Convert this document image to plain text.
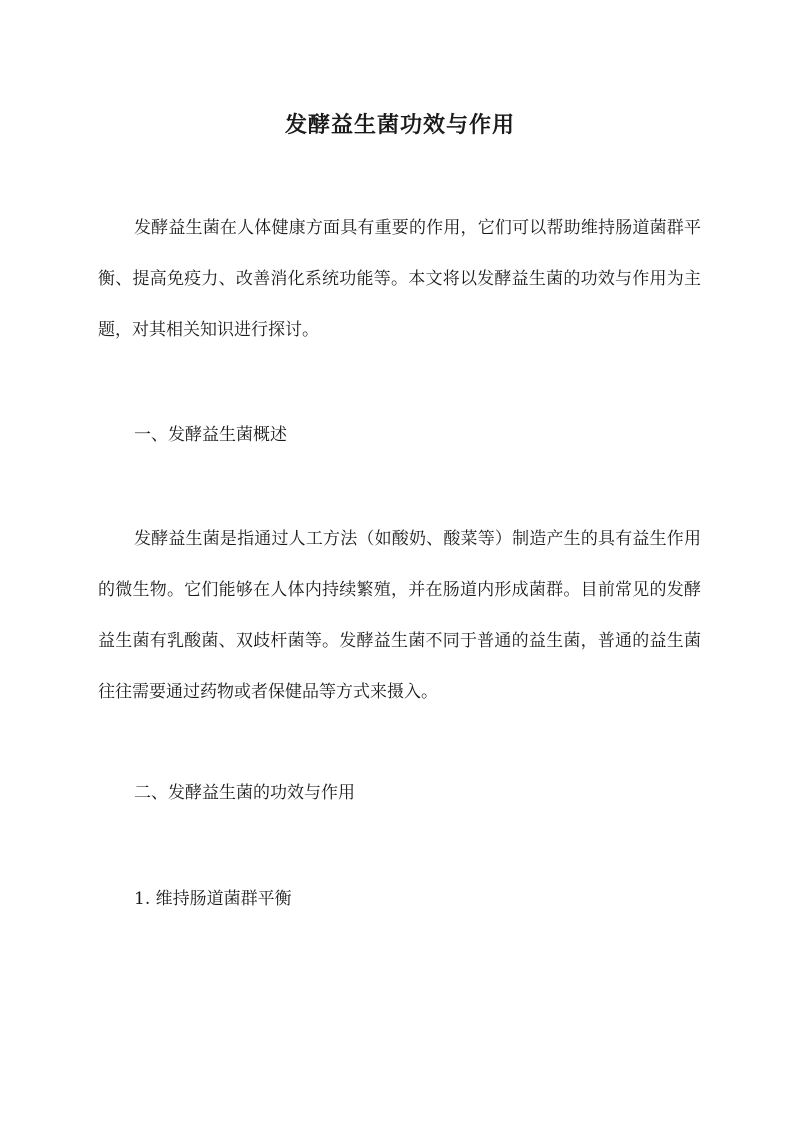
发酵益生菌功效与作用

发酵益生菌在人体健康方面具有重要的作用，它们可以帮助维持肠道菌群平衡、提高免疫力、改善消化系统功能等。本文将以发酵益生菌的功效与作用为主题，对其相关知识进行探讨。

一、发酵益生菌概述

发酵益生菌是指通过人工方法（如酸奶、酸菜等）制造产生的具有益生作用的微生物。它们能够在人体内持续繁殖，并在肠道内形成菌群。目前常见的发酵益生菌有乳酸菌、双歧杆菌等。发酵益生菌不同于普通的益生菌，普通的益生菌往往需要通过药物或者保健品等方式来摄入。

二、发酵益生菌的功效与作用
1. 维持肠道菌群平衡
